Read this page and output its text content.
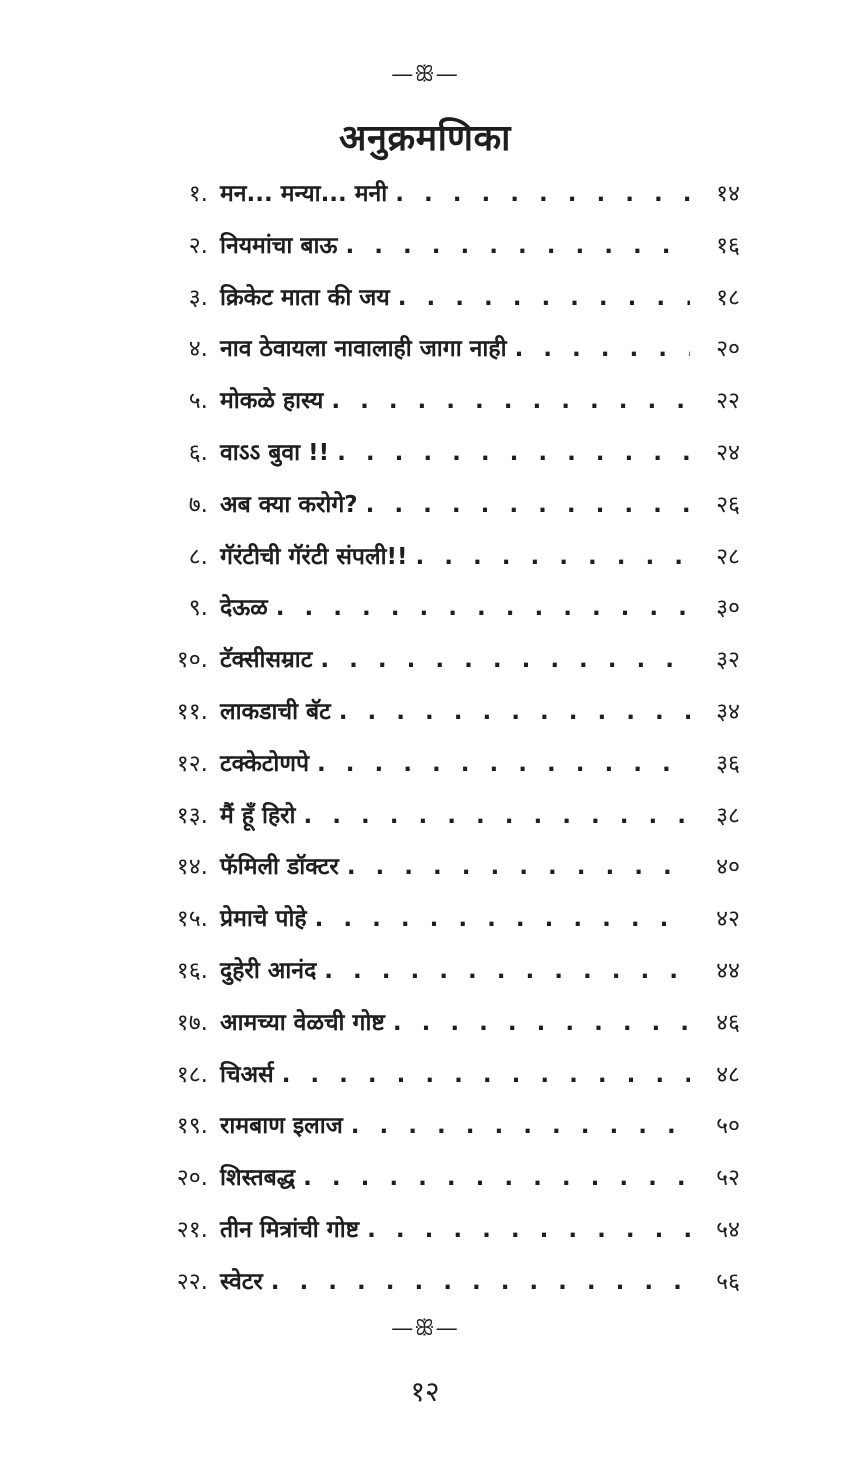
—ꕥ—
अनुक्रमणिका
१. मन... मन्या... मनी . . .	१४
२. नियमांचा बाऊ . . .	१६
३. क्रिकेट माता की जय . . .	१८
४. नाव ठेवायला नावालाही जागा नाही . . .	२०
५. मोकळे हास्य . . .	२२
६. वाऽऽ बुवा !! . . .	२४
७. अब क्या करोगे? . . .	२६
८. गॅरंटीची गॅरंटी संपली!! . . .	२८
९. देऊळ . . .	३०
१०. टॅक्सीसम्राट . . .	३२
११. लाकडाची बॅट . . .	३४
१२. टक्केटोणपे . . .	३६
१३. मैं हूँ हिरो . . .	३८
१४. फॅमिली डॉक्टर . . .	४०
१५. प्रेमाचे पोहे . . .	४२
१६. दुहेरी आनंद . . .	४४
१७. आमच्या वेळची गोष्ट . . .	४६
१८. चिअर्स . . .	४८
१९. रामबाण इलाज . . .	५०
२०. शिस्तबद्ध . . .	५२
२१. तीन मित्रांची गोष्ट . . .	५४
२२. स्वेटर . . .	५६
—ꕥ—
१२
